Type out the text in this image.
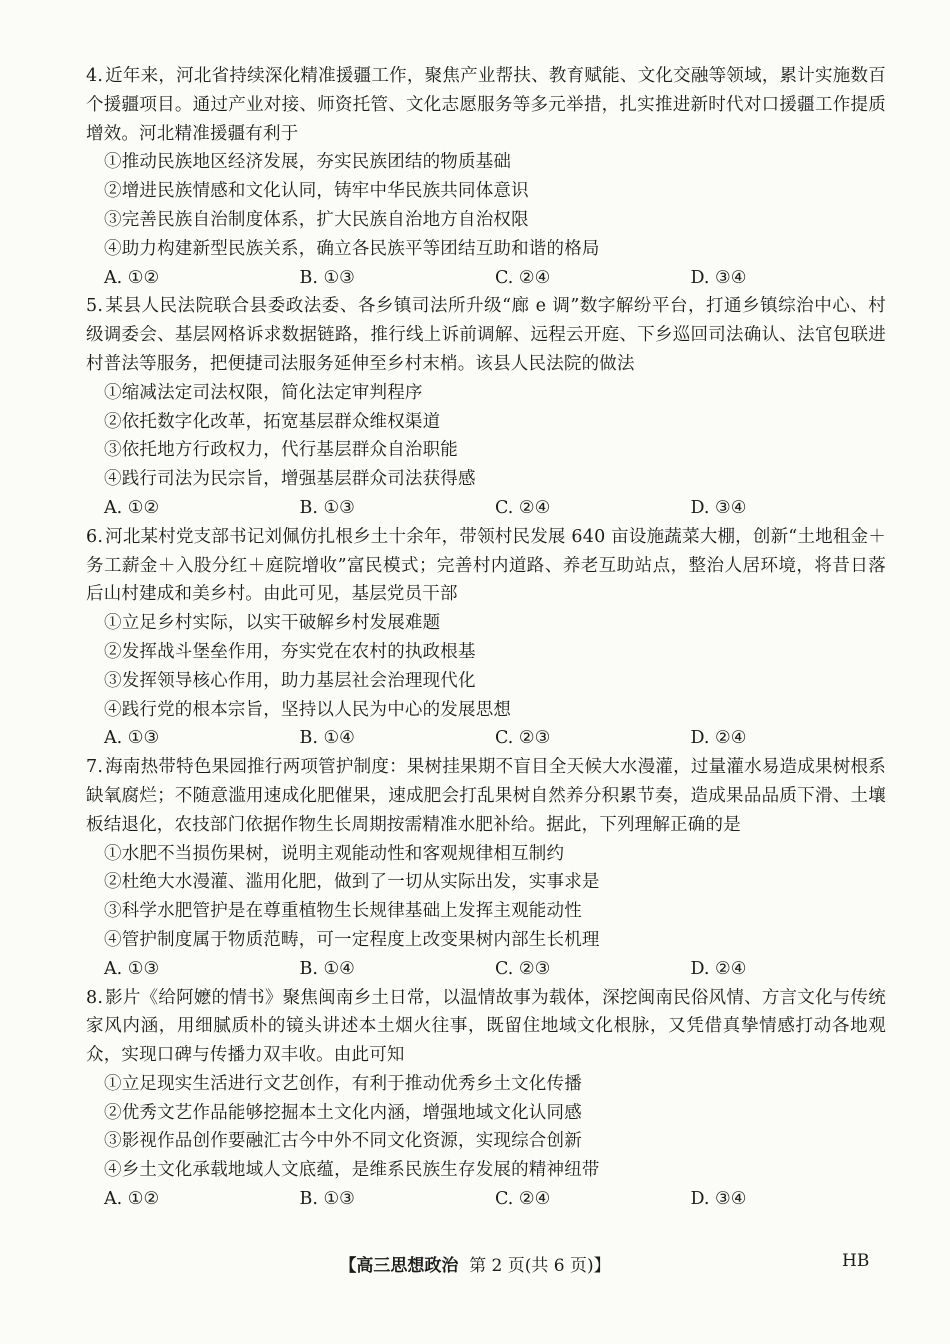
4. 近年来，河北省持续深化精准援疆工作，聚焦产业帮扶、教育赋能、文化交融等领域，累计实施数百个援疆项目。通过产业对接、师资托管、文化志愿服务等多元举措，扎实推进新时代对口援疆工作提质增效。河北精准援疆有利于
①推动民族地区经济发展，夯实民族团结的物质基础
②增进民族情感和文化认同，铸牢中华民族共同体意识
③完善民族自治制度体系，扩大民族自治地方自治权限
④助力构建新型民族关系，确立各民族平等团结互助和谐的格局
A. ①②	B. ①③	C. ②④	D. ③④
5. 某县人民法院联合县委政法委、各乡镇司法所升级“廊 e 调”数字解纷平台，打通乡镇综治中心、村级调委会、基层网格诉求数据链路，推行线上诉前调解、远程云开庭、下乡巡回司法确认、法官包联进村普法等服务，把便捷司法服务延伸至乡村末梢。该县人民法院的做法
①缩减法定司法权限，简化法定审判程序
②依托数字化改革，拓宽基层群众维权渠道
③依托地方行政权力，代行基层群众自治职能
④践行司法为民宗旨，增强基层群众司法获得感
A. ①②	B. ①③	C. ②④	D. ③④
6. 河北某村党支部书记刘佩仿扎根乡土十余年，带领村民发展 640 亩设施蔬菜大棚，创新“土地租金＋务工薪金＋入股分红＋庭院增收”富民模式；完善村内道路、养老互助站点，整治人居环境，将昔日落后山村建成和美乡村。由此可见，基层党员干部
①立足乡村实际，以实干破解乡村发展难题
②发挥战斗堡垒作用，夯实党在农村的执政根基
③发挥领导核心作用，助力基层社会治理现代化
④践行党的根本宗旨，坚持以人民为中心的发展思想
A. ①③	B. ①④	C. ②③	D. ②④
7. 海南热带特色果园推行两项管护制度：果树挂果期不盲目全天候大水漫灌，过量灌水易造成果树根系缺氧腐烂；不随意滥用速成化肥催果，速成肥会打乱果树自然养分积累节奏，造成果品品质下滑、土壤板结退化，农技部门依据作物生长周期按需精准水肥补给。据此，下列理解正确的是
①水肥不当损伤果树，说明主观能动性和客观规律相互制约
②杜绝大水漫灌、滥用化肥，做到了一切从实际出发，实事求是
③科学水肥管护是在尊重植物生长规律基础上发挥主观能动性
④管护制度属于物质范畴，可一定程度上改变果树内部生长机理
A. ①③	B. ①④	C. ②③	D. ②④
8. 影片《给阿嬷的情书》聚焦闽南乡土日常，以温情故事为载体，深挖闽南民俗风情、方言文化与传统家风内涵，用细腻质朴的镜头讲述本土烟火往事，既留住地域文化根脉，又凭借真挚情感打动各地观众，实现口碑与传播力双丰收。由此可知
①立足现实生活进行文艺创作，有利于推动优秀乡土文化传播
②优秀文艺作品能够挖掘本土文化内涵，增强地域文化认同感
③影视作品创作要融汇古今中外不同文化资源，实现综合创新
④乡土文化承载地域人文底蕴，是维系民族生存发展的精神纽带
A. ①②	B. ①③	C. ②④	D. ③④
【高三思想政治 第 2 页(共 6 页)】	HB
